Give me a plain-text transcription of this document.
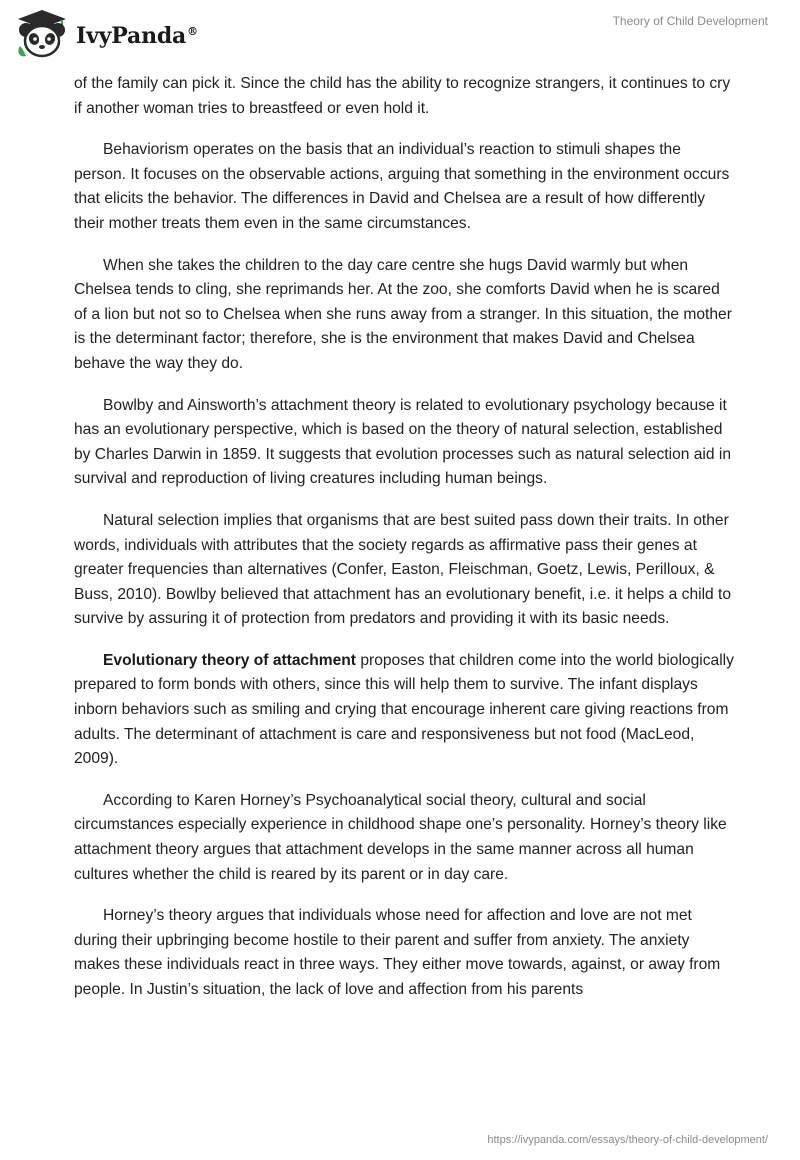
IvyPanda®
Theory of Child Development

of the family can pick it. Since the child has the ability to recognize strangers, it continues to cry if another woman tries to breastfeed or even hold it.

Behaviorism operates on the basis that an individual’s reaction to stimuli shapes the person. It focuses on the observable actions, arguing that something in the environment occurs that elicits the behavior. The differences in David and Chelsea are a result of how differently their mother treats them even in the same circumstances.

When she takes the children to the day care centre she hugs David warmly but when Chelsea tends to cling, she reprimands her. At the zoo, she comforts David when he is scared of a lion but not so to Chelsea when she runs away from a stranger. In this situation, the mother is the determinant factor; therefore, she is the environment that makes David and Chelsea behave the way they do.

Bowlby and Ainsworth’s attachment theory is related to evolutionary psychology because it has an evolutionary perspective, which is based on the theory of natural selection, established by Charles Darwin in 1859. It suggests that evolution processes such as natural selection aid in survival and reproduction of living creatures including human beings.

Natural selection implies that organisms that are best suited pass down their traits. In other words, individuals with attributes that the society regards as affirmative pass their genes at greater frequencies than alternatives (Confer, Easton, Fleischman, Goetz, Lewis, Perilloux, & Buss, 2010). Bowlby believed that attachment has an evolutionary benefit, i.e. it helps a child to survive by assuring it of protection from predators and providing it with its basic needs.

Evolutionary theory of attachment proposes that children come into the world biologically prepared to form bonds with others, since this will help them to survive. The infant displays inborn behaviors such as smiling and crying that encourage inherent care giving reactions from adults. The determinant of attachment is care and responsiveness but not food (MacLeod, 2009).

According to Karen Horney’s Psychoanalytical social theory, cultural and social circumstances especially experience in childhood shape one’s personality. Horney’s theory like attachment theory argues that attachment develops in the same manner across all human cultures whether the child is reared by its parent or in day care.

Horney’s theory argues that individuals whose need for affection and love are not met during their upbringing become hostile to their parent and suffer from anxiety. The anxiety makes these individuals react in three ways. They either move towards, against, or away from people. In Justin’s situation, the lack of love and affection from his parents

https://ivypanda.com/essays/theory-of-child-development/
